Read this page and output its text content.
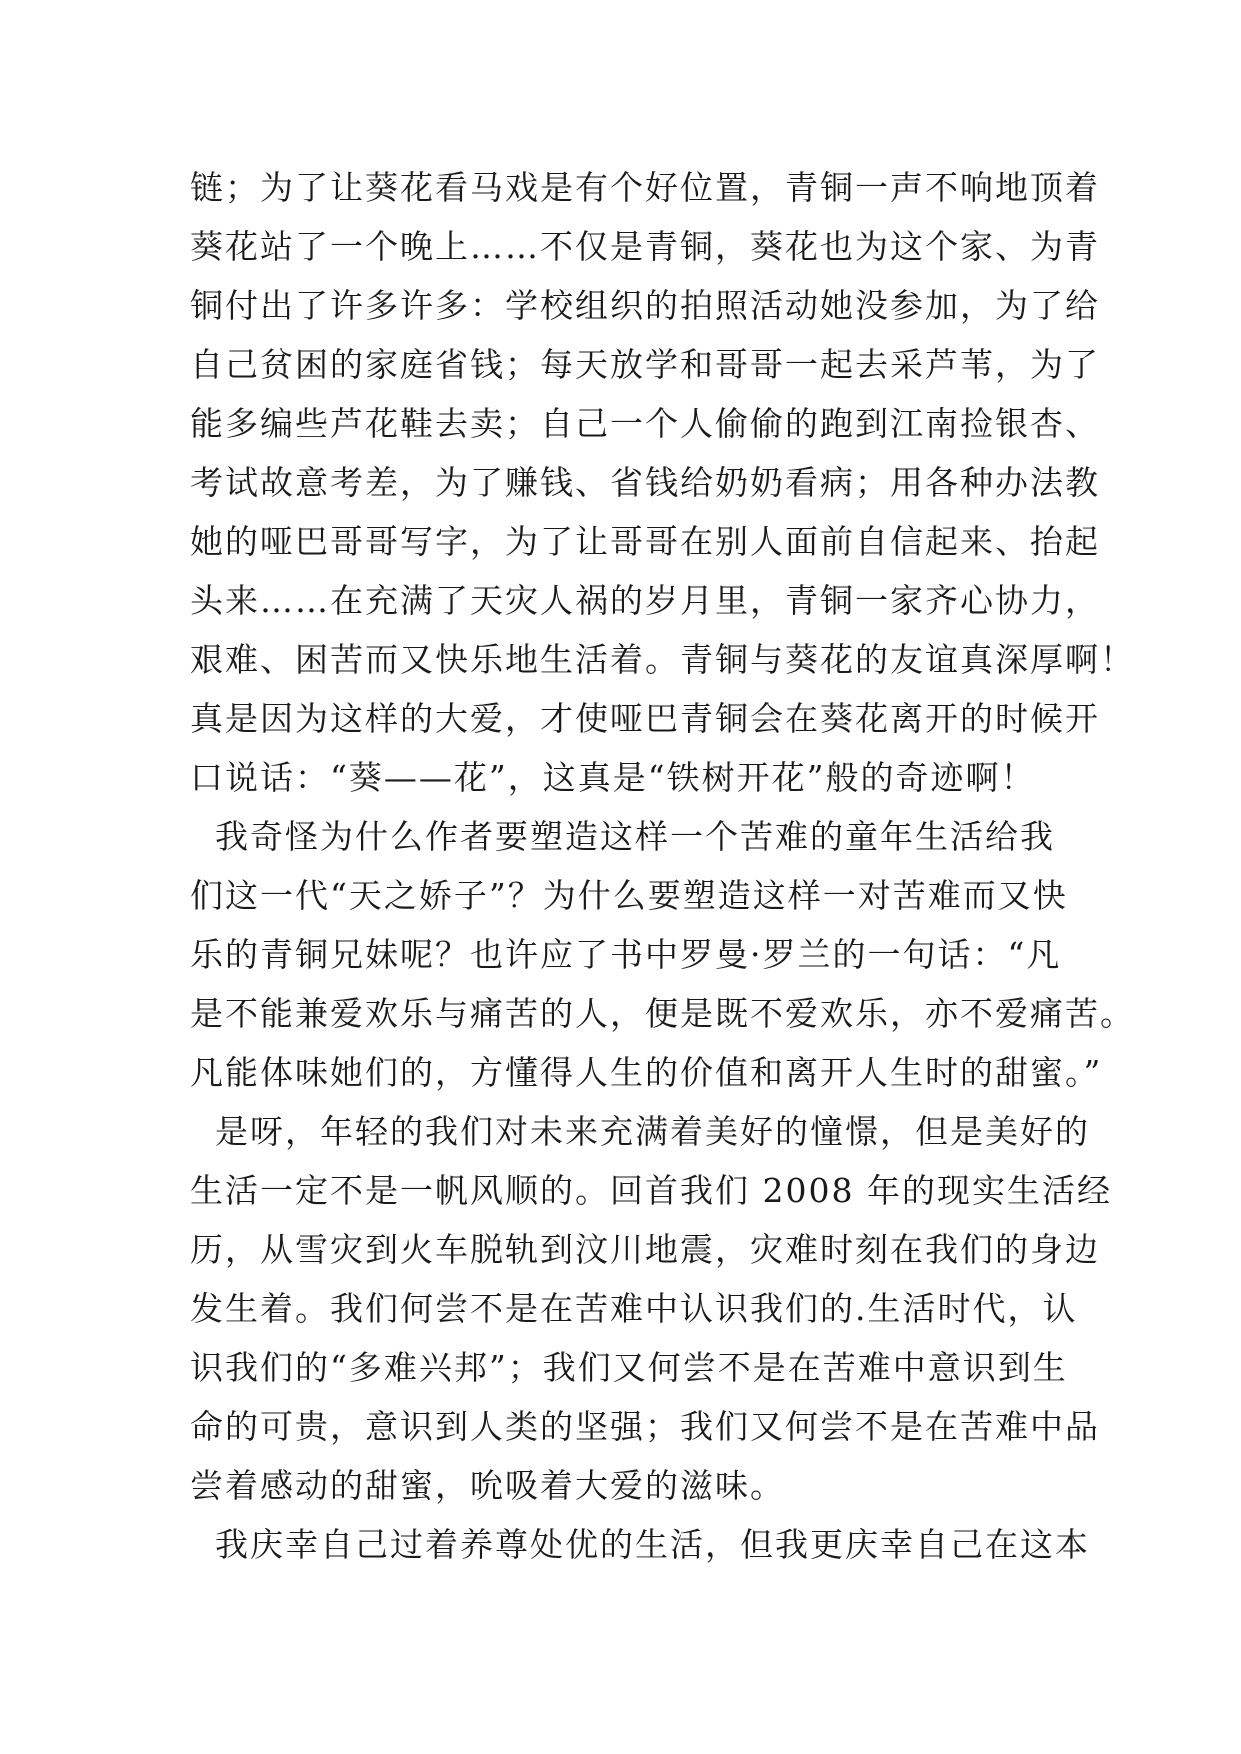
链；为了让葵花看马戏是有个好位置，青铜一声不响地顶着
葵花站了一个晚上……不仅是青铜，葵花也为这个家、为青
铜付出了许多许多：学校组织的拍照活动她没参加，为了给
自己贫困的家庭省钱；每天放学和哥哥一起去采芦苇，为了
能多编些芦花鞋去卖；自己一个人偷偷的跑到江南捡银杏、
考试故意考差，为了赚钱、省钱给奶奶看病；用各种办法教
她的哑巴哥哥写字，为了让哥哥在别人面前自信起来、抬起
头来……在充满了天灾人祸的岁月里，青铜一家齐心协力，
艰难、困苦而又快乐地生活着。青铜与葵花的友谊真深厚啊！
真是因为这样的大爱，才使哑巴青铜会在葵花离开的时候开
口说话：“葵——花”，这真是“铁树开花”般的奇迹啊！
我奇怪为什么作者要塑造这样一个苦难的童年生活给我
们这一代“天之娇子”？为什么要塑造这样一对苦难而又快
乐的青铜兄妹呢？也许应了书中罗曼·罗兰的一句话：“凡
是不能兼爱欢乐与痛苦的人，便是既不爱欢乐，亦不爱痛苦。
凡能体味她们的，方懂得人生的价值和离开人生时的甜蜜。”
是呀，年轻的我们对未来充满着美好的憧憬，但是美好的
生活一定不是一帆风顺的。回首我们 2008 年的现实生活经
历，从雪灾到火车脱轨到汶川地震，灾难时刻在我们的身边
发生着。我们何尝不是在苦难中认识我们的.生活时代，认
识我们的“多难兴邦”；我们又何尝不是在苦难中意识到生
命的可贵，意识到人类的坚强；我们又何尝不是在苦难中品
尝着感动的甜蜜，吮吸着大爱的滋味。
我庆幸自己过着养尊处优的生活，但我更庆幸自己在这本
